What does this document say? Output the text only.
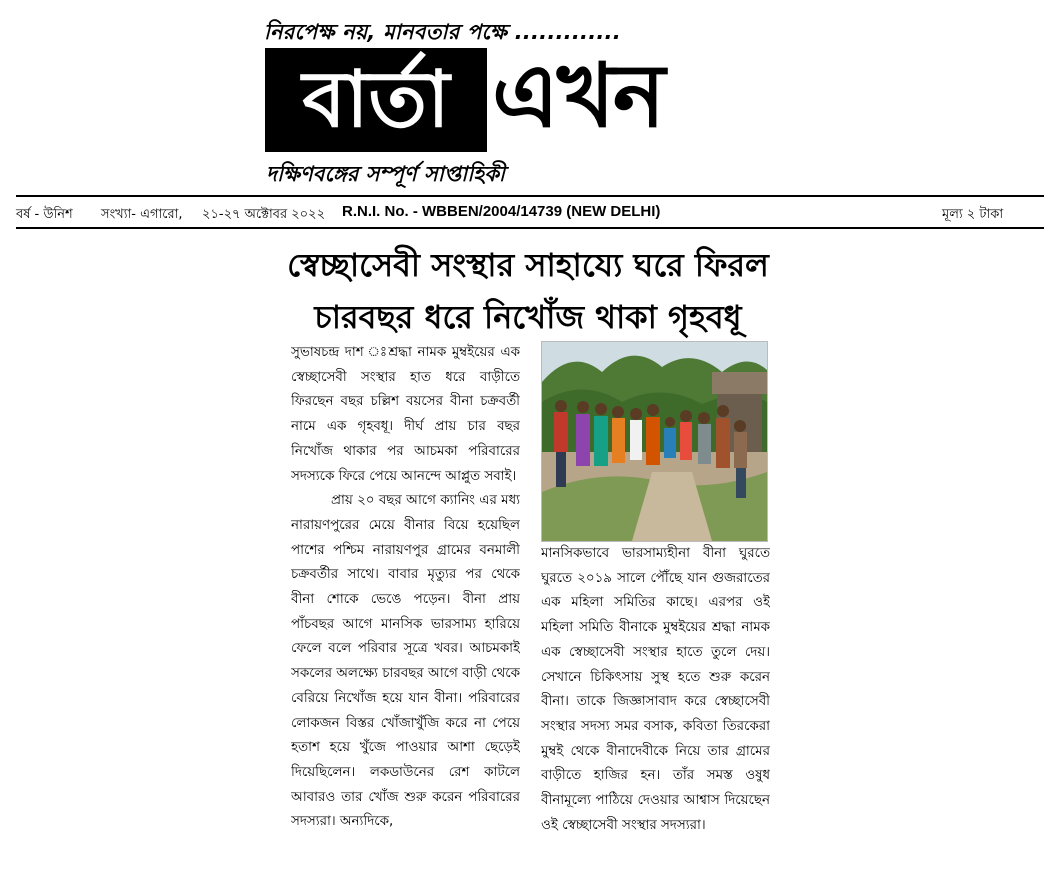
নিরপেক্ষ নয়, মানবতার পক্ষে .............
বার্তা এখন
দক্ষিণবঙ্গের সম্পূর্ণ সাপ্তাহিকী
বর্ষ - উনিশ সংখ্যা- এগারো, ২১-২৭ অক্টোবর ২০২২ R.N.I. No. - WBBEN/2004/14739 (NEW DELHI)	মূল্য ২ টাকা
স্বেচ্ছাসেবী সংস্থার সাহায্যে ঘরে ফিরল
চারবছর ধরে নিখোঁজ থাকা গৃহবধূ

সুভাষচন্দ্র দাশ ঃশ্রদ্ধা নামক মুম্বইয়ের এক স্বেচ্ছাসেবী সংস্থার হাত ধরে বাড়ীতে ফিরছেন বছর চল্লিশ বয়সের বীনা চক্রবর্তী নামে এক গৃহবধূ। দীর্ঘ প্রায় চার বছর নিখোঁজ থাকার পর আচমকা পরিবারের সদস্যকে ফিরে পেয়ে আনন্দে আপ্লুত সবাই।

প্রায় ২০ বছর আগে ক্যানিং এর মধ্য নারায়ণপুরের মেয়ে বীনার বিয়ে হয়েছিল পাশের পশ্চিম নারায়ণপুর গ্রামের বনমালী চক্রবর্তীর সাথে। বাবার মৃত্যুর পর থেকে বীনা শোকে ভেঙে পড়েন। বীনা প্রায় পাঁচবছর আগে মানসিক ভারসাম্য হারিয়ে ফেলে বলে পরিবার সূত্রে খবর। আচমকাই সকলের অলক্ষ্যে চারবছর আগে বাড়ী থেকে বেরিয়ে নিখোঁজ হয়ে যান বীনা। পরিবারের লোকজন বিস্তর খোঁজাখুঁজি করে না পেয়ে হতাশ হয়ে খুঁজে পাওয়ার আশা ছেড়েই দিয়েছিলেন। লকডাউনের রেশ কাটলে আবারও তার খোঁজ শুরু করেন পরিবারের সদস্যরা। অন্যদিকে,

মানসিকভাবে ভারসাম্যহীনা বীনা ঘুরতে ঘুরতে ২০১৯ সালে পৌঁছে যান গুজরাতের এক মহিলা সমিতির কাছে। এরপর ওই মহিলা সমিতি বীনাকে মুম্বইয়ের শ্রদ্ধা নামক এক স্বেচ্ছাসেবী সংস্থার হাতে তুলে দেয়। সেখানে চিকিৎসায় সুস্থ হতে শুরু করেন বীনা। তাকে জিজ্ঞাসাবাদ করে স্বেচ্ছাসেবী সংস্থার সদস্য সমর বসাক, কবিতা তিরকেরা মুম্বই থেকে বীনাদেবীকে নিয়ে তার গ্রামের বাড়ীতে হাজির হন। তাঁর সমস্ত ওষুধ বীনামূল্যে পাঠিয়ে দেওয়ার আশ্বাস দিয়েছেন ওই স্বেচ্ছাসেবী সংস্থার সদস্যরা।
